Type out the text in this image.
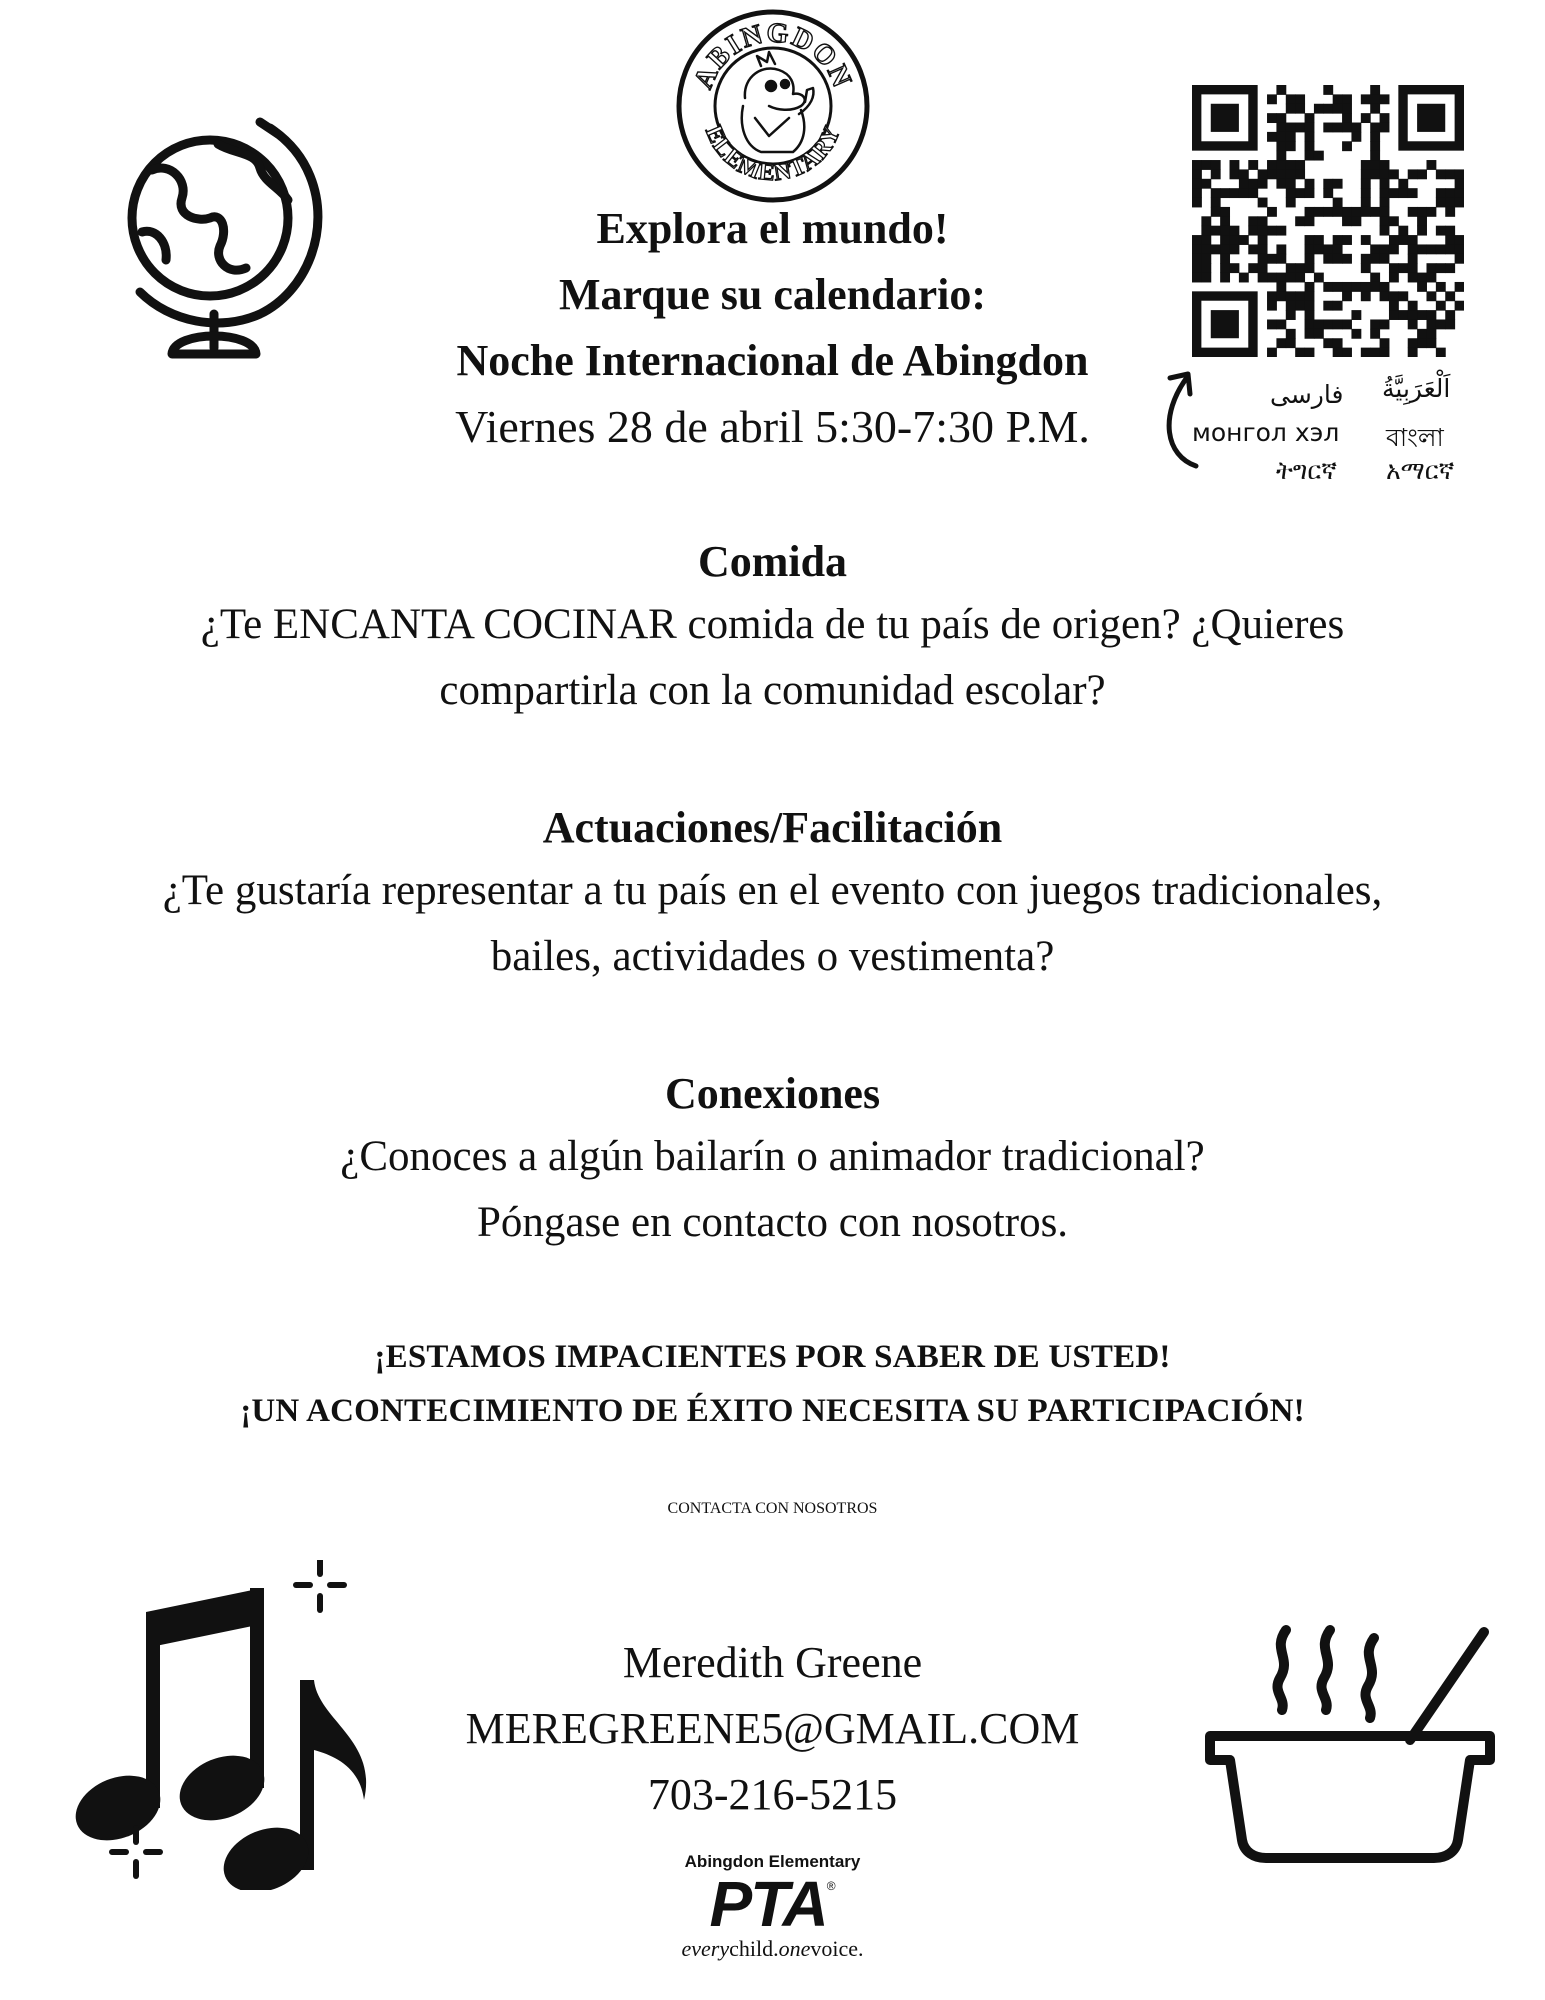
ABINGDON
ELEMENTARY
اَلْعَرَبِيَّةُ
فارسی
বাংলা
монгол хэл
አማርኛ
ትግርኛ
Explora el mundo!
Marque su calendario:
Noche Internacional de Abingdon
Viernes 28 de abril 5:30-7:30 P.M.
Comida
¿Te ENCANTA COCINAR comida de tu país de origen? ¿Quieres
compartirla con la comunidad escolar?
Actuaciones/Facilitación
¿Te gustaría representar a tu país en el evento con juegos tradicionales,
bailes, actividades o vestimenta?
Conexiones
¿Conoces a algún bailarín o animador tradicional?
Póngase en contacto con nosotros.
¡ESTAMOS IMPACIENTES POR SABER DE USTED!
¡UN ACONTECIMIENTO DE ÉXITO NECESITA SU PARTICIPACIÓN!
CONTACTA CON NOSOTROS
Meredith Greene
MEREGREENE5@GMAIL.COM
703-216-5215
Abingdon Elementary
PTA®
everychild.onevoice.
